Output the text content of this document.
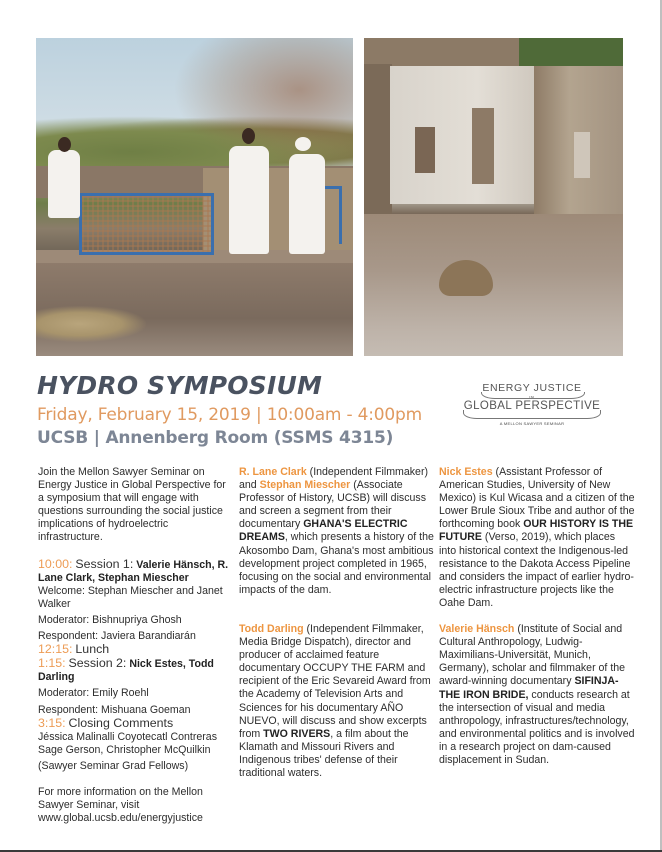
HYDRO SYMPOSIUM
Friday, February 15, 2019 | 10:00am - 4:00pm
UCSB | Annenberg Room (SSMS 4315)
ENERGY JUSTICE
IN
GLOBAL PERSPECTIVE
A MELLON SAWYER SEMINAR

Join the Mellon Sawyer Seminar on Energy Justice in Global Perspective for a symposium that will engage with questions surrounding the social justice implications of hydroelectric infrastructure.

10:00: Session 1: Valerie Hänsch, R. Lane Clark, Stephan Miescher
Welcome: Stephan Miescher and Janet Walker
Moderator: Bishnupriya Ghosh
Respondent: Javiera Barandiarán
12:15: Lunch
1:15: Session 2: Nick Estes, Todd Darling
Moderator: Emily Roehl
Respondent: Mishuana Goeman
3:15: Closing Comments
Jéssica Malinalli Coyotecatl Contreras
Sage Gerson, Christopher McQuilkin
(Sawyer Seminar Grad Fellows)
For more information on the Mellon Sawyer Seminar, visit
www.global.ucsb.edu/energyjustice

R. Lane Clark (Independent Filmmaker) and Stephan Miescher (Associate Professor of History, UCSB) will discuss and screen a segment from their documentary GHANA'S ELECTRIC DREAMS, which presents a history of the Akosombo Dam, Ghana's most ambitious development project completed in 1965, focusing on the social and environmental impacts of the dam.

Todd Darling (Independent Filmmaker, Media Bridge Dispatch), director and producer of acclaimed feature documentary OCCUPY THE FARM and recipient of the Eric Sevareid Award from the Academy of Television Arts and Sciences for his documentary AÑO NUEVO, will discuss and show excerpts from TWO RIVERS, a film about the Klamath and Missouri Rivers and Indigenous tribes' defense of their traditional waters.

Nick Estes (Assistant Professor of American Studies, University of New Mexico) is Kul Wicasa and a citizen of the Lower Brule Sioux Tribe and author of the forthcoming book OUR HISTORY IS THE FUTURE (Verso, 2019), which places into historical context the Indigenous-led resistance to the Dakota Access Pipeline and considers the impact of earlier hydro-electric infrastructure projects like the Oahe Dam.

Valerie Hänsch (Institute of Social and Cultural Anthropology, Ludwig-Maximilians-Universität, Munich, Germany), scholar and filmmaker of the award-winning documentary SIFINJA-THE IRON BRIDE, conducts research at the intersection of visual and media anthropology, infrastructures/technology, and environmental politics and is involved in a research project on dam-caused displacement in Sudan.
